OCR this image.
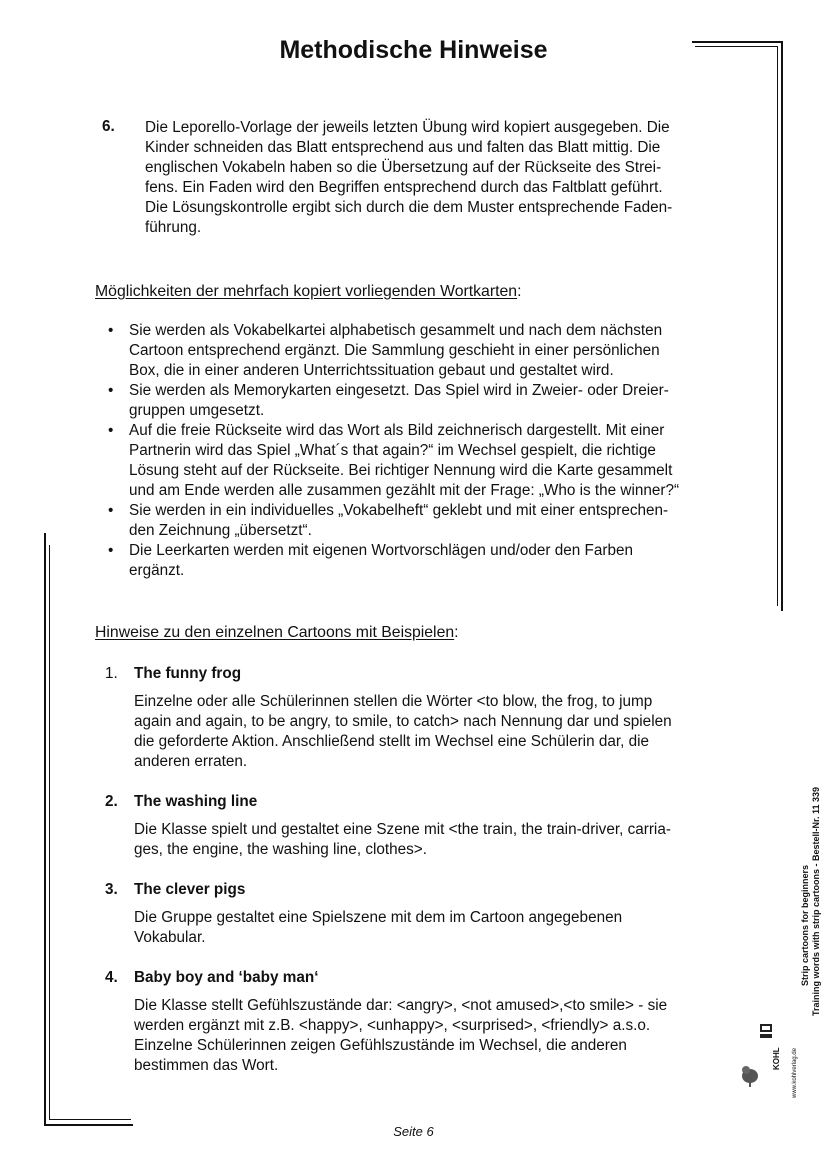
Methodische Hinweise
6. Die Leporello-Vorlage der jeweils letzten Übung wird kopiert ausgegeben. Die
Kinder schneiden das Blatt entsprechend aus und falten das Blatt mittig. Die
englischen Vokabeln haben so die Übersetzung auf der Rückseite des Strei-
fens. Ein Faden wird den Begriffen entsprechend durch das Faltblatt geführt.
Die Lösungskontrolle ergibt sich durch die dem Muster entsprechende Faden-
führung.
Möglichkeiten der mehrfach kopiert vorliegenden Wortkarten:
• Sie werden als Vokabelkartei alphabetisch gesammelt und nach dem nächsten
Cartoon entsprechend ergänzt. Die Sammlung geschieht in einer persönlichen
Box, die in einer anderen Unterrichtssituation gebaut und gestaltet wird.
• Sie werden als Memorykarten eingesetzt. Das Spiel wird in Zweier- oder Dreier-
gruppen umgesetzt.
• Auf die freie Rückseite wird das Wort als Bild zeichnerisch dargestellt. Mit einer
Partnerin wird das Spiel „What´s that again?“ im Wechsel gespielt, die richtige
Lösung steht auf der Rückseite. Bei richtiger Nennung wird die Karte gesammelt
und am Ende werden alle zusammen gezählt mit der Frage: „Who is the winner?“
• Sie werden in ein individuelles „Vokabelheft“ geklebt und mit einer entsprechen-
den Zeichnung „übersetzt“.
• Die Leerkarten werden mit eigenen Wortvorschlägen und/oder den Farben
ergänzt.
Hinweise zu den einzelnen Cartoons mit Beispielen:
1. The funny frog
Einzelne oder alle Schülerinnen stellen die Wörter <to blow, the frog, to jump
again and again, to be angry, to smile, to catch> nach Nennung dar und spielen
die geforderte Aktion. Anschließend stellt im Wechsel eine Schülerin dar, die
anderen erraten.
2. The washing line
Die Klasse spielt und gestaltet eine Szene mit <the train, the train-driver, carria-
ges, the engine, the washing line, clothes>.
3. The clever pigs
Die Gruppe gestaltet eine Spielszene mit dem im Cartoon angegebenen
Vokabular.
4. Baby boy and ‘baby man‘
Die Klasse stellt Gefühlszustände dar: <angry>, <not amused>,<to smile> - sie
werden ergänzt mit z.B. <happy>, <unhappy>, <surprised>, <friendly> a.s.o.
Einzelne Schülerinnen zeigen Gefühlszustände im Wechsel, die anderen
bestimmen das Wort.
Strip cartoons for beginners Training words with strip cartoons - Bestell-Nr. 11 339
KOHL www.kohlverlag.de
Seite 6
